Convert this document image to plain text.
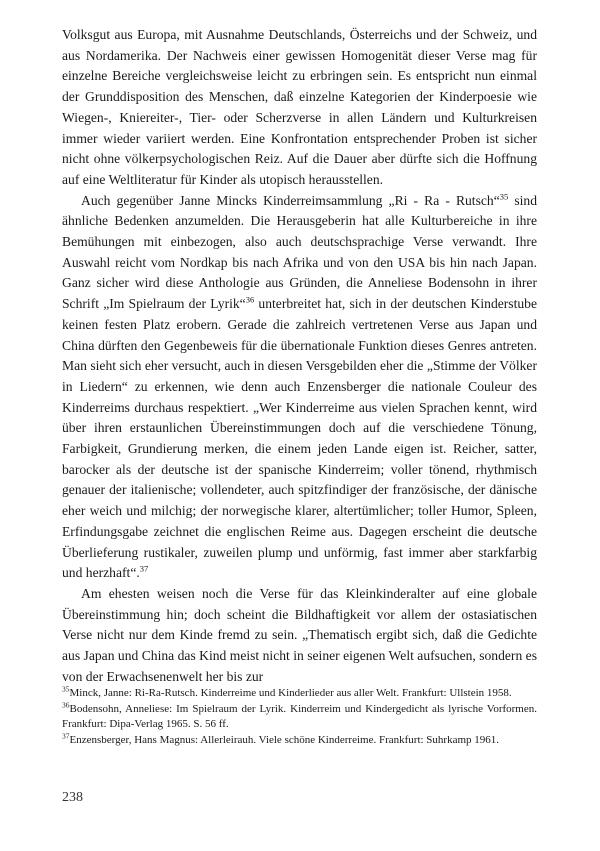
Volksgut aus Europa, mit Ausnahme Deutschlands, Österreichs und der Schweiz, und aus Nordamerika. Der Nachweis einer gewissen Homogenität dieser Verse mag für einzelne Bereiche vergleichsweise leicht zu erbringen sein. Es entspricht nun einmal der Grunddisposition des Menschen, daß einzelne Kategorien der Kinderpoesie wie Wiegen-, Kniereiter-, Tier- oder Scherzverse in allen Ländern und Kulturkreisen immer wieder variiert werden. Eine Konfrontation entsprechender Proben ist sicher nicht ohne völkerpsychologischen Reiz. Auf die Dauer aber dürfte sich die Hoffnung auf eine Weltliteratur für Kinder als utopisch herausstellen.

Auch gegenüber Janne Mincks Kinderreimsammlung „Ri - Ra - Rutsch“$^{35}$ sind ähnliche Bedenken anzumelden. Die Herausgeberin hat alle Kulturbereiche in ihre Bemühungen mit einbezogen, also auch deutschsprachige Verse verwandt. Ihre Auswahl reicht vom Nordkap bis nach Afrika und von den USA bis hin nach Japan. Ganz sicher wird diese Anthologie aus Gründen, die Anneliese Bodensohn in ihrer Schrift „Im Spielraum der Lyrik“$^{36}$ unterbreitet hat, sich in der deutschen Kinderstube keinen festen Platz erobern. Gerade die zahlreich vertretenen Verse aus Japan und China dürften den Gegenbeweis für die übernationale Funktion dieses Genres antreten. Man sieht sich eher versucht, auch in diesen Versgebilden eher die „Stimme der Völker in Liedern“ zu erkennen, wie denn auch Enzensberger die nationale Couleur des Kinderreims durchaus respektiert. „Wer Kinderreime aus vielen Sprachen kennt, wird über ihren erstaunlichen Übereinstimmungen doch auf die verschiedene Tönung, Farbigkeit, Grundierung merken, die einem jeden Lande eigen ist. Reicher, satter, barocker als der deutsche ist der spanische Kinderreim; voller tönend, rhythmisch genauer der italienische; vollendeter, auch spitzfindiger der französische, der dänische eher weich und milchig; der norwegische klarer, altertümlicher; toller Humor, Spleen, Erfindungsgabe zeichnet die englischen Reime aus. Dagegen erscheint die deutsche Überlieferung rustikaler, zuweilen plump und unförmig, fast immer aber starkfarbig und herzhaft“.$^{37}$

Am ehesten weisen noch die Verse für das Kleinkinderalter auf eine globale Übereinstimmung hin; doch scheint die Bildhaftigkeit vor allem der ostasiatischen Verse nicht nur dem Kinde fremd zu sein. „Thematisch ergibt sich, daß die Gedichte aus Japan und China das Kind meist nicht in seiner eigenen Welt aufsuchen, sondern es von der Erwachsenenwelt her bis zur

$^{35}$Minck, Janne: Ri-Ra-Rutsch. Kinderreime und Kinderlieder aus aller Welt. Frankfurt: Ullstein 1958.

$^{36}$Bodensohn, Anneliese: Im Spielraum der Lyrik. Kinderreim und Kindergedicht als lyrische Vorformen. Frankfurt: Dipa-Verlag 1965. S. 56 ff.

$^{37}$Enzensberger, Hans Magnus: Allerleirauh. Viele schöne Kinderreime. Frankfurt: Suhrkamp 1961.

238
